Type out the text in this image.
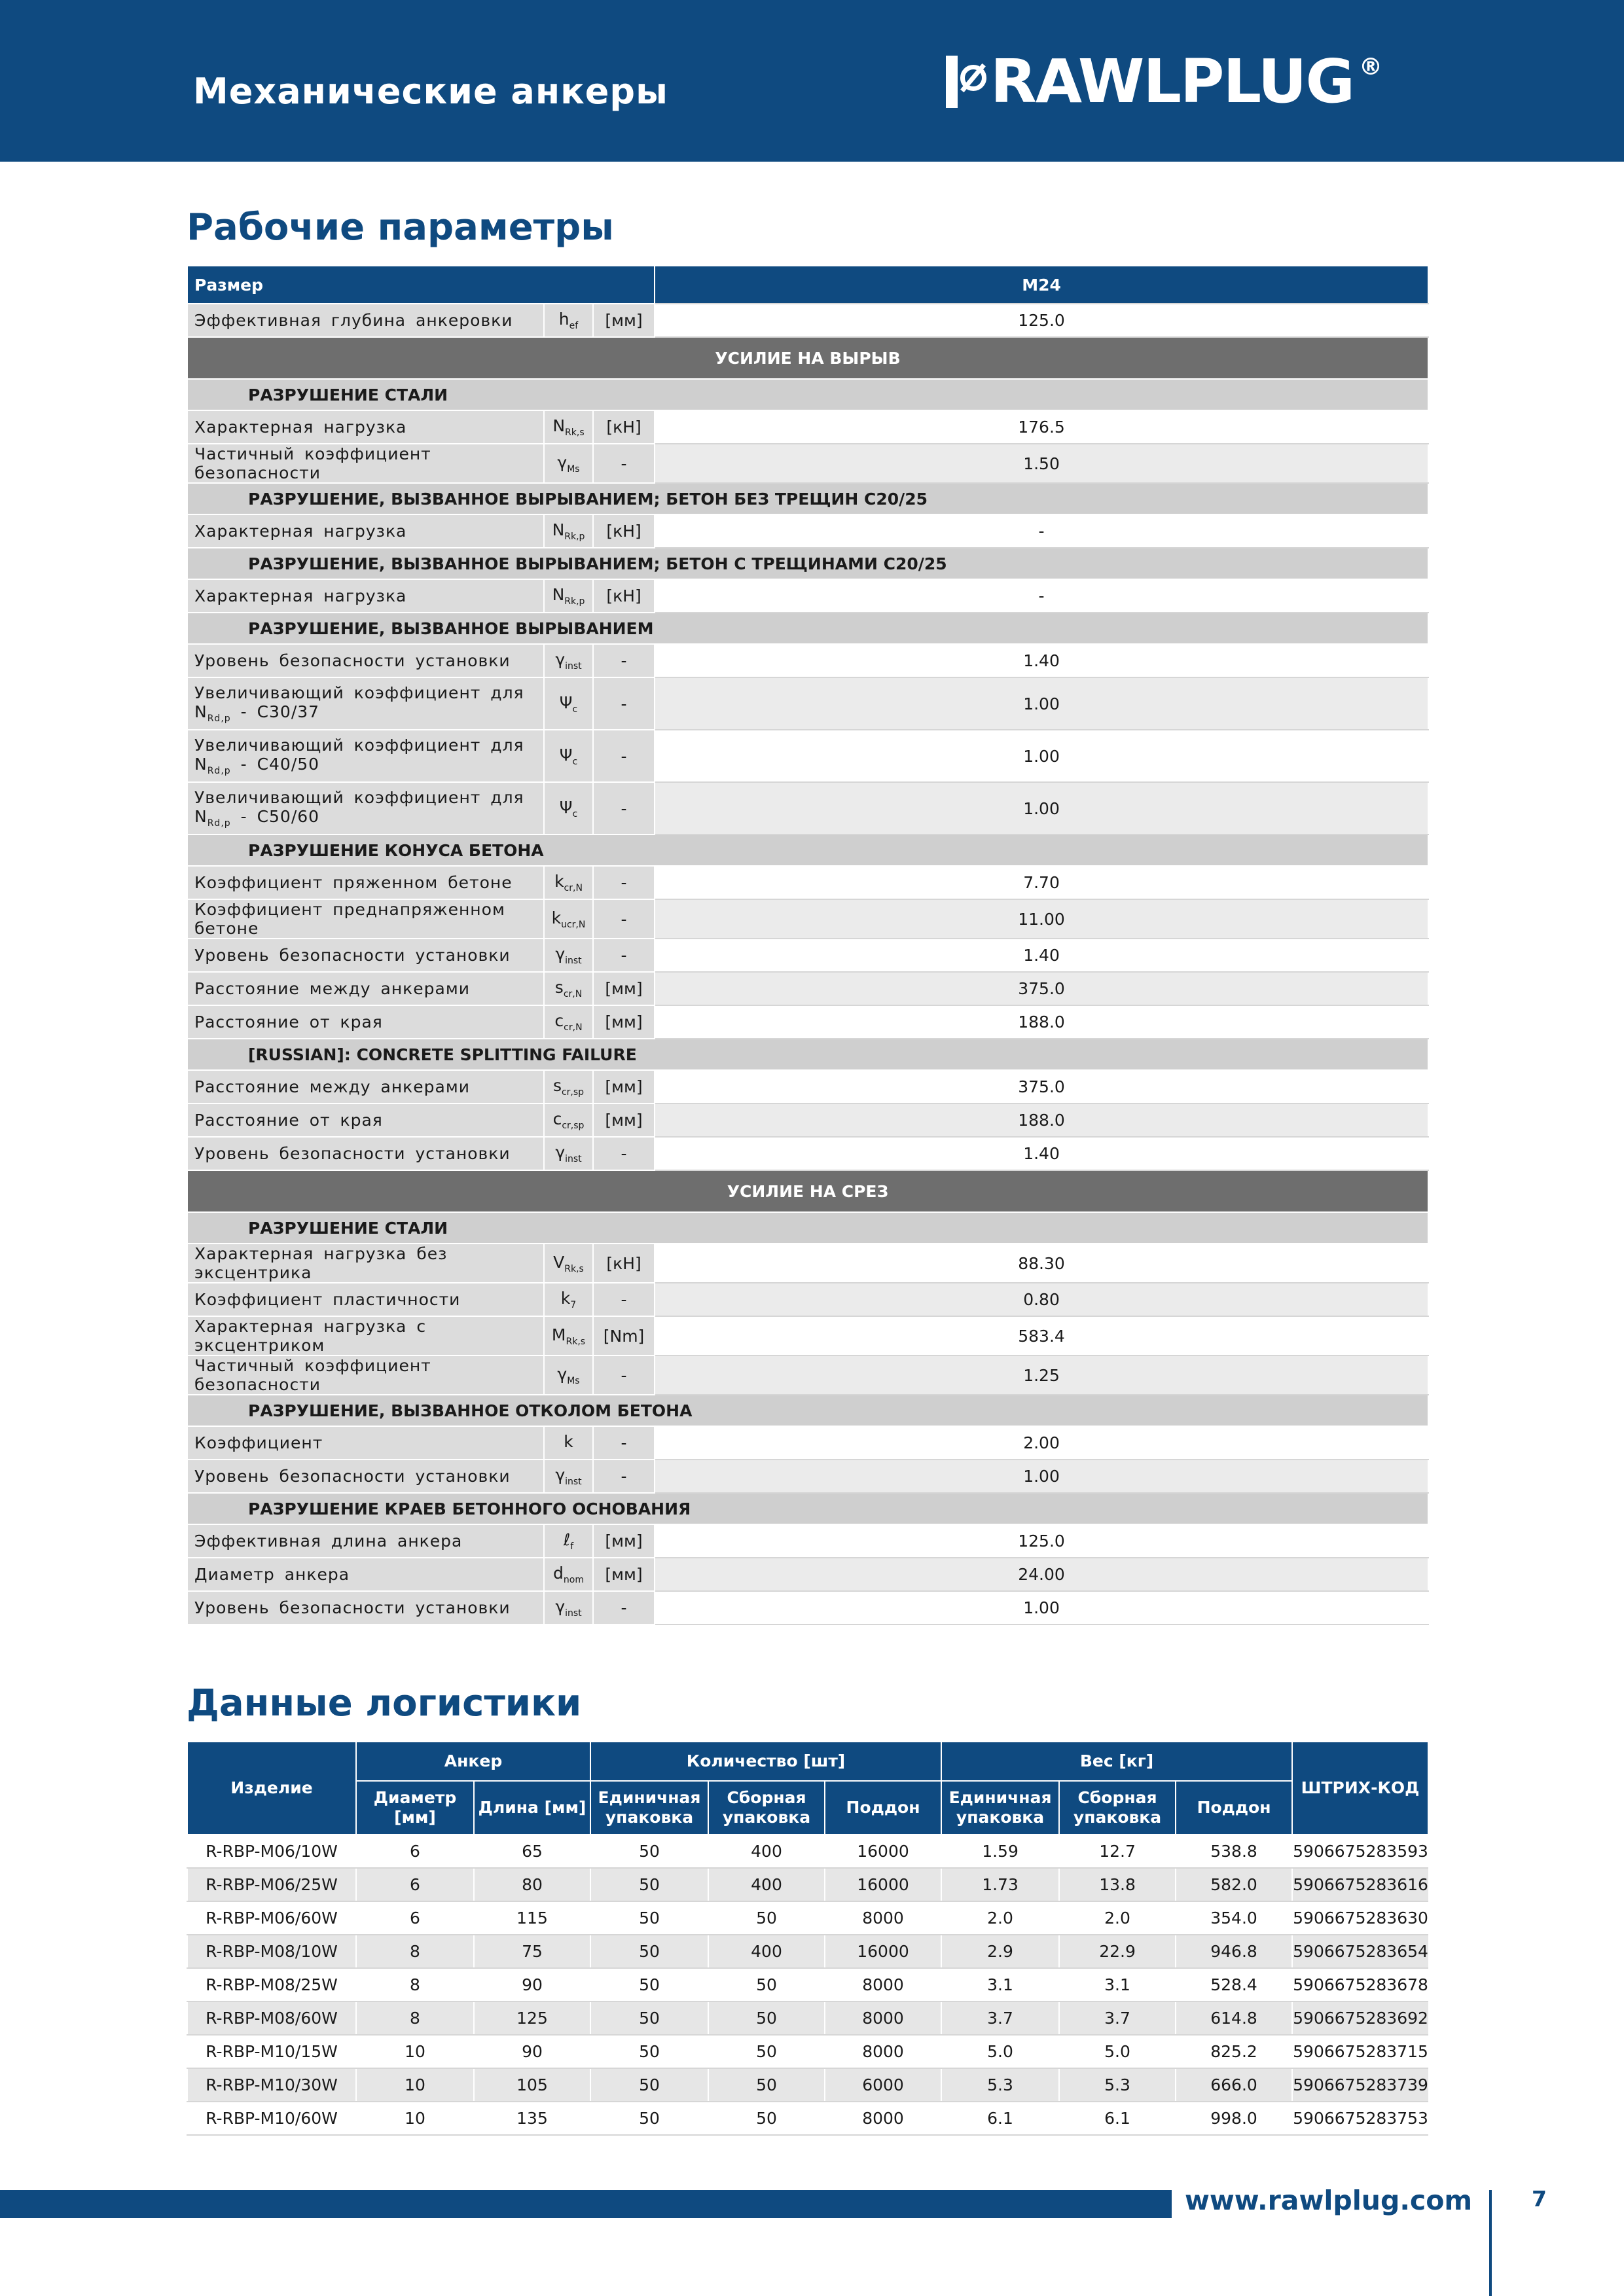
Механические анкеры	RAWLPLUG ®
Рабочие параметры
Размер			M24
Эффективная глубина анкеровки	$h_{ef}$	[мм]	125.0
УСИЛИЕ НА ВЫРЫВ			
РАЗРУШЕНИЕ СТАЛИ			
Характерная нагрузка	$N_{Rk,s}$	[кН]	176.5
Частичный коэффициент безопасности	$\gamma_{Ms}$	-	1.50
РАЗРУШЕНИЕ, ВЫЗВАННОЕ ВЫРЫВАНИЕМ; БЕТОН БЕЗ ТРЕЩИН C20/25			
Характерная нагрузка	$N_{Rk,p}$	[кН]	-
РАЗРУШЕНИЕ, ВЫЗВАННОЕ ВЫРЫВАНИЕМ; БЕТОН С ТРЕЩИНАМИ C20/25			
Характерная нагрузка	$N_{Rk,p}$	[кН]	-
РАЗРУШЕНИЕ, ВЫЗВАННОЕ ВЫРЫВАНИЕМ			
Уровень безопасности установки	$\gamma_{inst}$	-	1.40
Увеличивающий коэффициент для $N_{Rd,p} - C30/37$	$\Psi_c$	-	1.00
Увеличивающий коэффициент для $N_{Rd,p} - C40/50$	$\Psi_c$	-	1.00
Увеличивающий коэффициент для $N_{Rd,p} - C50/60$	$\Psi_c$	-	1.00
РАЗРУШЕНИЕ КОНУСА БЕТОНА			
Коэффициент пряженном бетоне	$k_{cr,N}$	-	7.70
Коэффициент преднапряженном бетоне	$k_{ucr,N}$	-	11.00
Уровень безопасности установки	$\gamma_{inst}$	-	1.40
Расстояние между анкерами	$s_{cr,N}$	[мм]	375.0
Расстояние от края	$c_{cr,N}$	[мм]	188.0
[RUSSIAN]: CONCRETE SPLITTING FAILURE			
Расстояние между анкерами	$s_{cr,sp}$	[мм]	375.0
Расстояние от края	$c_{cr,sp}$	[мм]	188.0
Уровень безопасности установки	$\gamma_{inst}$	-	1.40
УСИЛИЕ НА СРЕЗ			
РАЗРУШЕНИЕ СТАЛИ			
Характерная нагрузка без эксцентрика	$V_{Rk,s}$	[кН]	88.30
Коэффициент пластичности	$k_7$	-	0.80
Характерная нагрузка с эксцентриком	$M_{Rk,s}$	[Nm]	583.4
Частичный коэффициент безопасности	$\gamma_{Ms}$	-	1.25
РАЗРУШЕНИЕ, ВЫЗВАННОЕ ОТКОЛОМ БЕТОНА			
Коэффициент	k	-	2.00
Уровень безопасности установки	$\gamma_{inst}$	-	1.00
РАЗРУШЕНИЕ КРАЕВ БЕТОННОГО ОСНОВАНИЯ			
Эффективная длина анкера	ℓ$_f$	[мм]	125.0
Диаметр анкера	$d_{nom}$	[мм]	24.00
Уровень безопасности установки	$\gamma_{inst}$	-	1.00
Данные логистики
Изделие	Анкер		Количество [шт]			Вес [кг]			ШТРИХ-КОД
	Диаметр [мм]	Длина [мм]	Единичная упаковка	Сборная упаковка	Поддон	Единичная упаковка	Сборная упаковка	Поддон	
R-RBP-M06/10W	6	65	50	400	16000	1.59	12.7	538.8	5906675283593
R-RBP-M06/25W	6	80	50	400	16000	1.73	13.8	582.0	5906675283616
R-RBP-M06/60W	6	115	50	50	8000	2.0	2.0	354.0	5906675283630
R-RBP-M08/10W	8	75	50	400	16000	2.9	22.9	946.8	5906675283654
R-RBP-M08/25W	8	90	50	50	8000	3.1	3.1	528.4	5906675283678
R-RBP-M08/60W	8	125	50	50	8000	3.7	3.7	614.8	5906675283692
R-RBP-M10/15W	10	90	50	50	8000	5.0	5.0	825.2	5906675283715
R-RBP-M10/30W	10	105	50	50	6000	5.3	5.3	666.0	5906675283739
R-RBP-M10/60W	10	135	50	50	8000	6.1	6.1	998.0	5906675283753
www.rawlplug.com	7
